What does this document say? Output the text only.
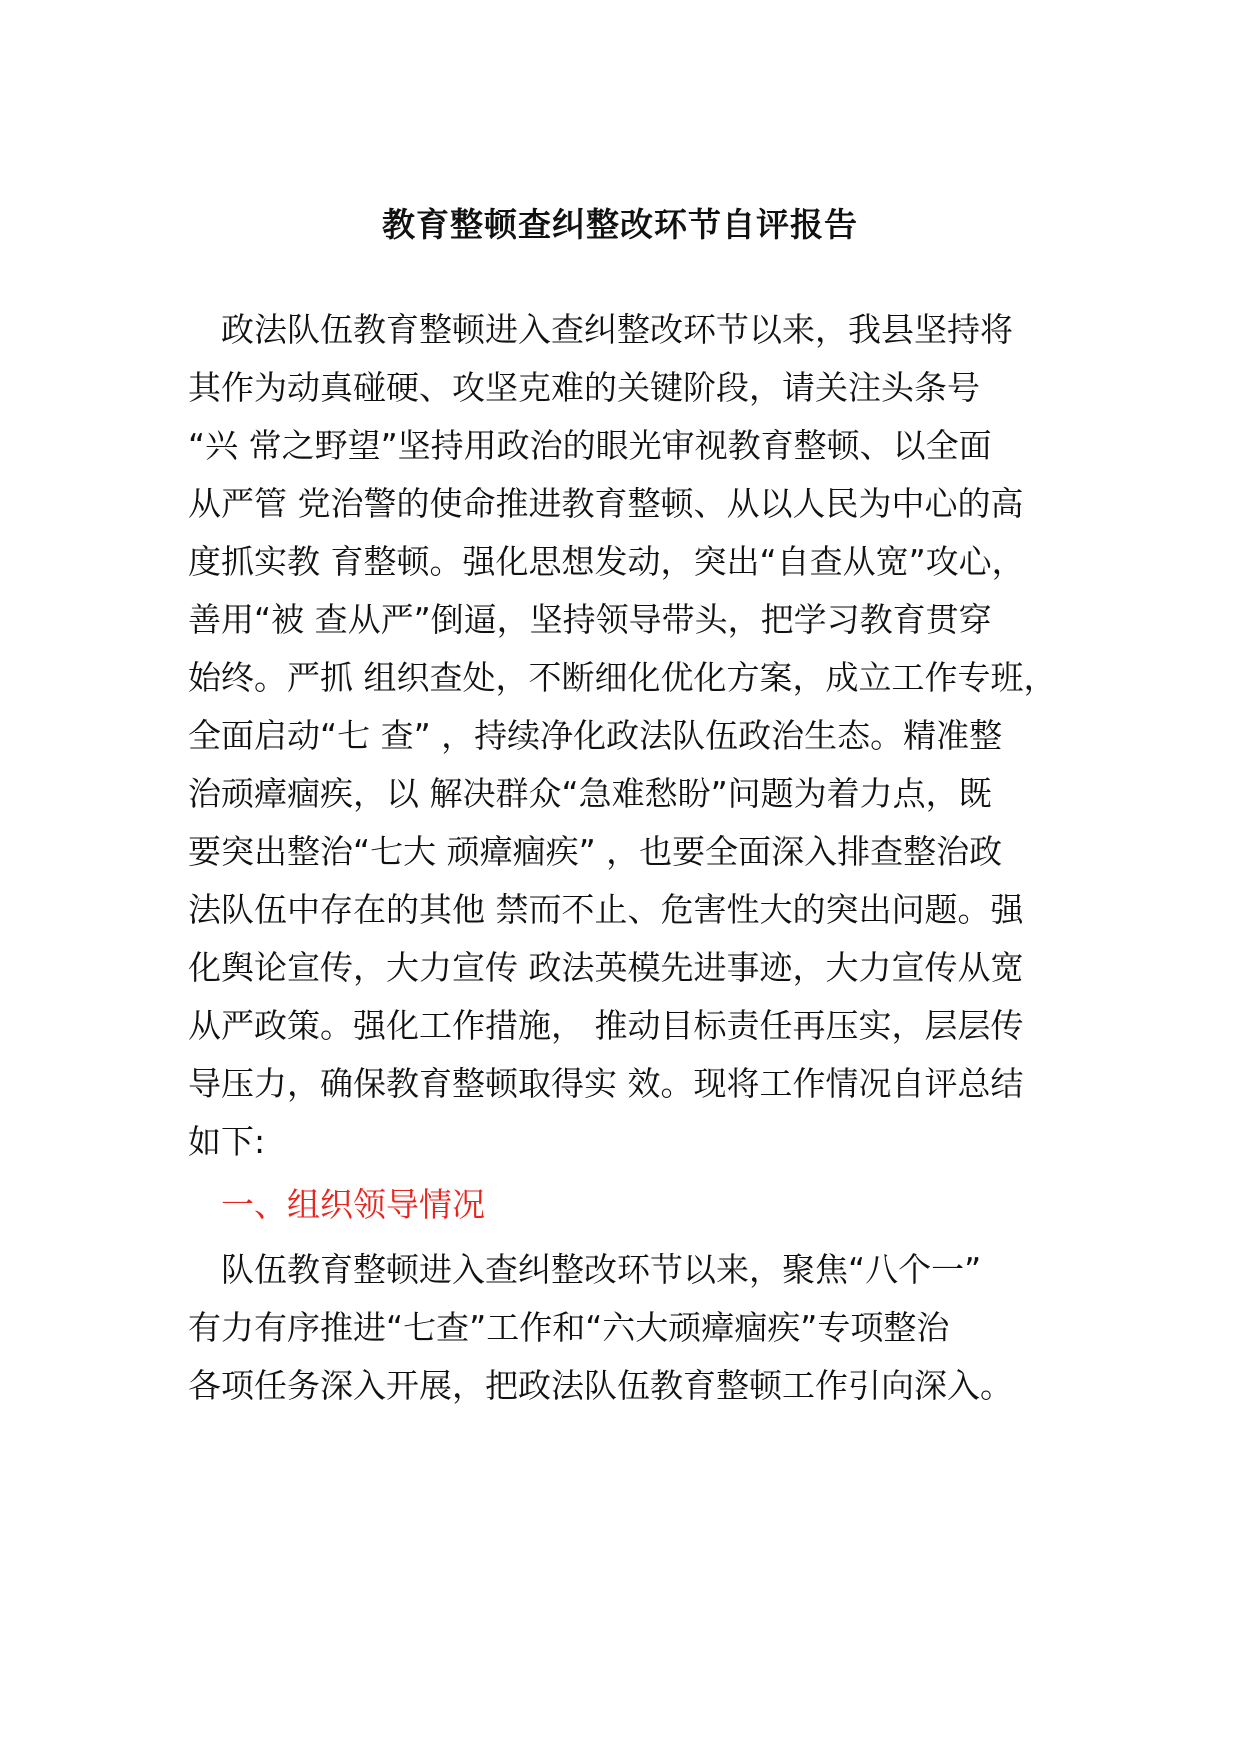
教育整顿查纠整改环节自评报告

　政法队伍教育整顿进入查纠整改环节以来，我县坚持将

其作为动真碰硬、攻坚克难的关键阶段，请关注头条号

“兴 常之野望”坚持用政治的眼光审视教育整顿、以全面

从严管 党治警的使命推进教育整顿、从以人民为中心的高

度抓实教 育整顿。强化思想发动，突出“自查从宽”攻心，

善用“被 查从严”倒逼，坚持领导带头，把学习教育贯穿

始终。严抓 组织查处，不断细化优化方案，成立工作专班，

全面启动“七 查” ，持续净化政法队伍政治生态。精准整

治顽瘴痼疾，以 解决群众“急难愁盼”问题为着力点，既

要突出整治“七大 顽瘴痼疾” ，也要全面深入排查整治政

法队伍中存在的其他 禁而不止、危害性大的突出问题。强

化舆论宣传，大力宣传 政法英模先进事迹，大力宣传从宽

从严政策。强化工作措施， 推动目标责任再压实，层层传

导压力，确保教育整顿取得实 效。现将工作情况自评总结

如下:

　一、组织领导情况

　队伍教育整顿进入查纠整改环节以来，聚焦“八个一”

有力有序推进“七查”工作和“六大顽瘴痼疾”专项整治

各项任务深入开展，把政法队伍教育整顿工作引向深入。
